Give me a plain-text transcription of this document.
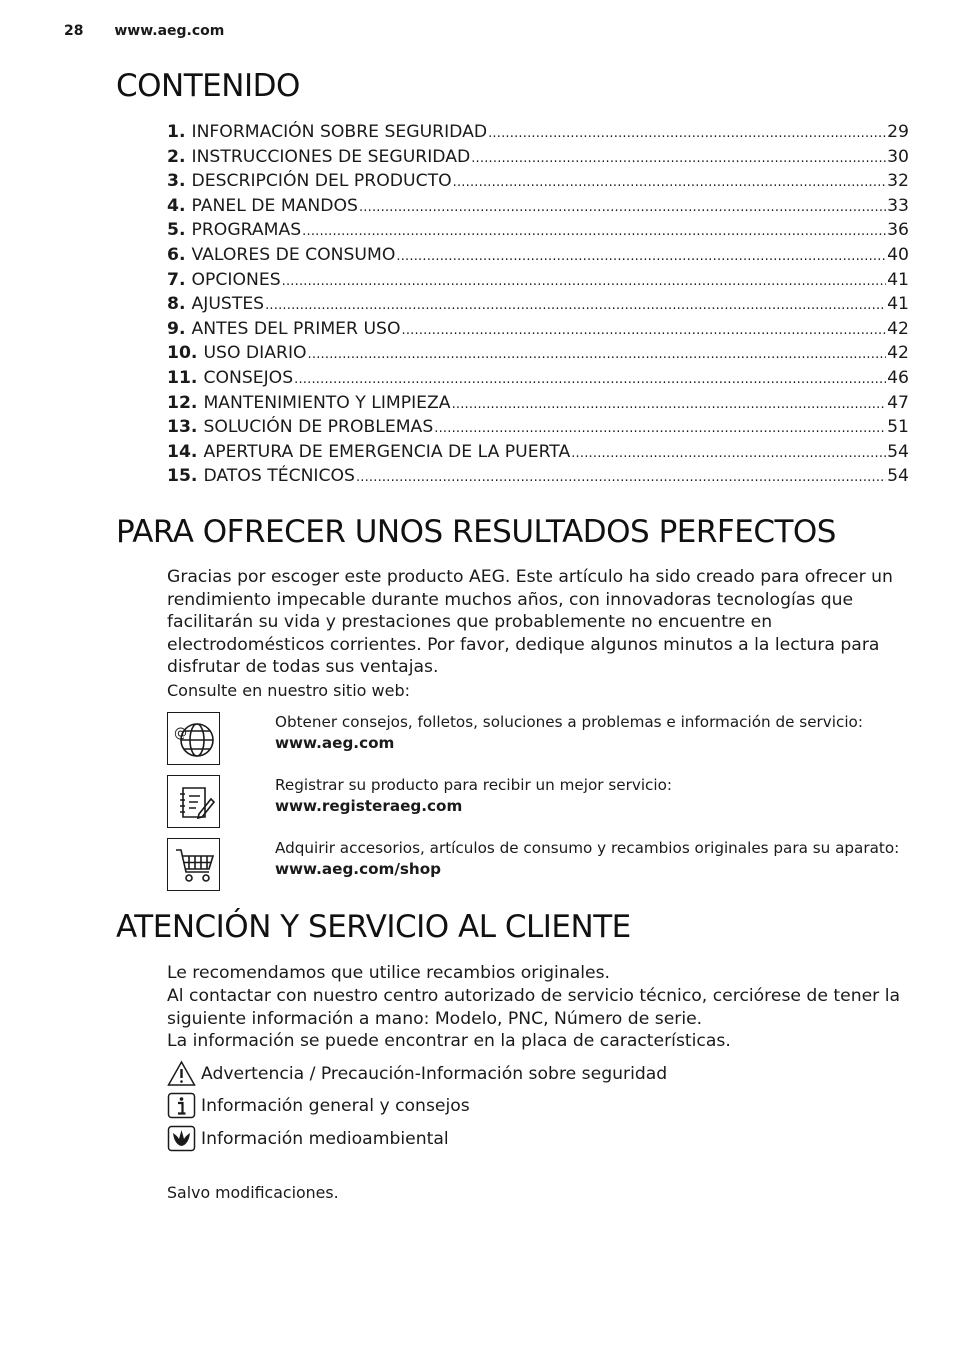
28 www.aeg.com
CONTENIDO
1. INFORMACIÓN SOBRE SEGURIDAD .....	29
2. INSTRUCCIONES DE SEGURIDAD .....	30
3. DESCRIPCIÓN DEL PRODUCTO .....	32
4. PANEL DE MANDOS .....	33
5. PROGRAMAS .....	36
6. VALORES DE CONSUMO .....	40
7. OPCIONES .....	41
8. AJUSTES .....	41
9. ANTES DEL PRIMER USO .....	42
10. USO DIARIO .....	42
11. CONSEJOS .....	46
12. MANTENIMIENTO Y LIMPIEZA .....	47
13. SOLUCIÓN DE PROBLEMAS .....	51
14. APERTURA DE EMERGENCIA DE LA PUERTA .....	54
15. DATOS TÉCNICOS .....	54
PARA OFRECER UNOS RESULTADOS PERFECTOS

Gracias por escoger este producto AEG. Este artículo ha sido creado para ofrecer un rendimiento impecable durante muchos años, con innovadoras tecnologías que facilitarán su vida y prestaciones que probablemente no encuentre en electrodomésticos corrientes. Por favor, dedique algunos minutos a la lectura para disfrutar de todas sus ventajas.

Consulte en nuestro sitio web:
@
Obtener consejos, folletos, soluciones a problemas e información de servicio:
www.aeg.com
Registrar su producto para recibir un mejor servicio:
www.registeraeg.com
Adquirir accesorios, artículos de consumo y recambios originales para su aparato:
www.aeg.com/shop
ATENCIÓN Y SERVICIO AL CLIENTE

Le recomendamos que utilice recambios originales.

Al contactar con nuestro centro autorizado de servicio técnico, cerciórese de tener la siguiente información a mano: Modelo, PNC, Número de serie.

La información se puede encontrar en la placa de características.

Advertencia / Precaución-Información sobre seguridad
Información general y consejos
Información medioambiental
Salvo modificaciones.
